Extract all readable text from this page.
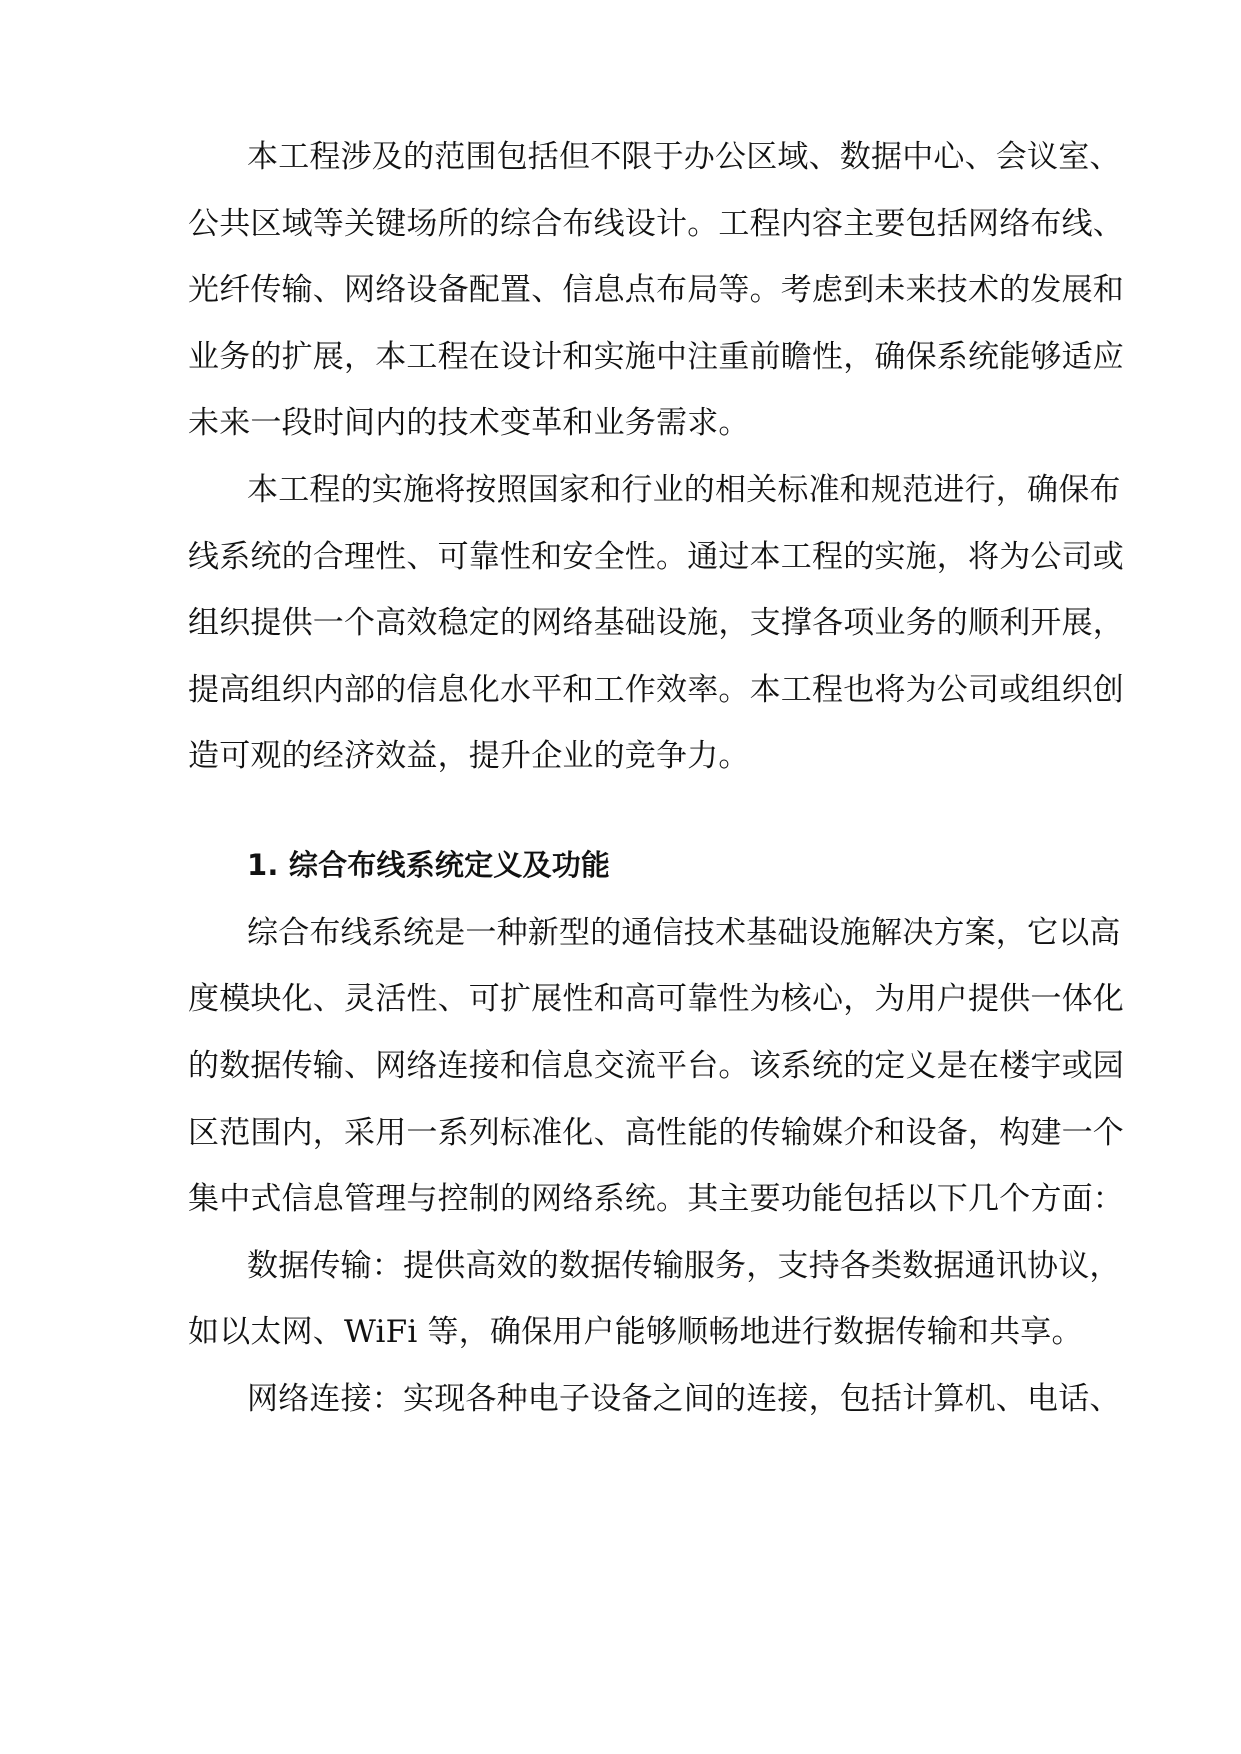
本工程涉及的范围包括但不限于办公区域、数据中心、会议室、
公共区域等关键场所的综合布线设计。工程内容主要包括网络布线、
光纤传输、网络设备配置、信息点布局等。考虑到未来技术的发展和
业务的扩展，本工程在设计和实施中注重前瞻性，确保系统能够适应
未来一段时间内的技术变革和业务需求。
本工程的实施将按照国家和行业的相关标准和规范进行，确保布
线系统的合理性、可靠性和安全性。通过本工程的实施，将为公司或
组织提供一个高效稳定的网络基础设施，支撑各项业务的顺利开展，
提高组织内部的信息化水平和工作效率。本工程也将为公司或组织创
造可观的经济效益，提升企业的竞争力。
1. 综合布线系统定义及功能
综合布线系统是一种新型的通信技术基础设施解决方案，它以高
度模块化、灵活性、可扩展性和高可靠性为核心，为用户提供一体化
的数据传输、网络连接和信息交流平台。该系统的定义是在楼宇或园
区范围内，采用一系列标准化、高性能的传输媒介和设备，构建一个
集中式信息管理与控制的网络系统。其主要功能包括以下几个方面：
数据传输：提供高效的数据传输服务，支持各类数据通讯协议，
如以太网、WiFi 等，确保用户能够顺畅地进行数据传输和共享。
网络连接：实现各种电子设备之间的连接，包括计算机、电话、
